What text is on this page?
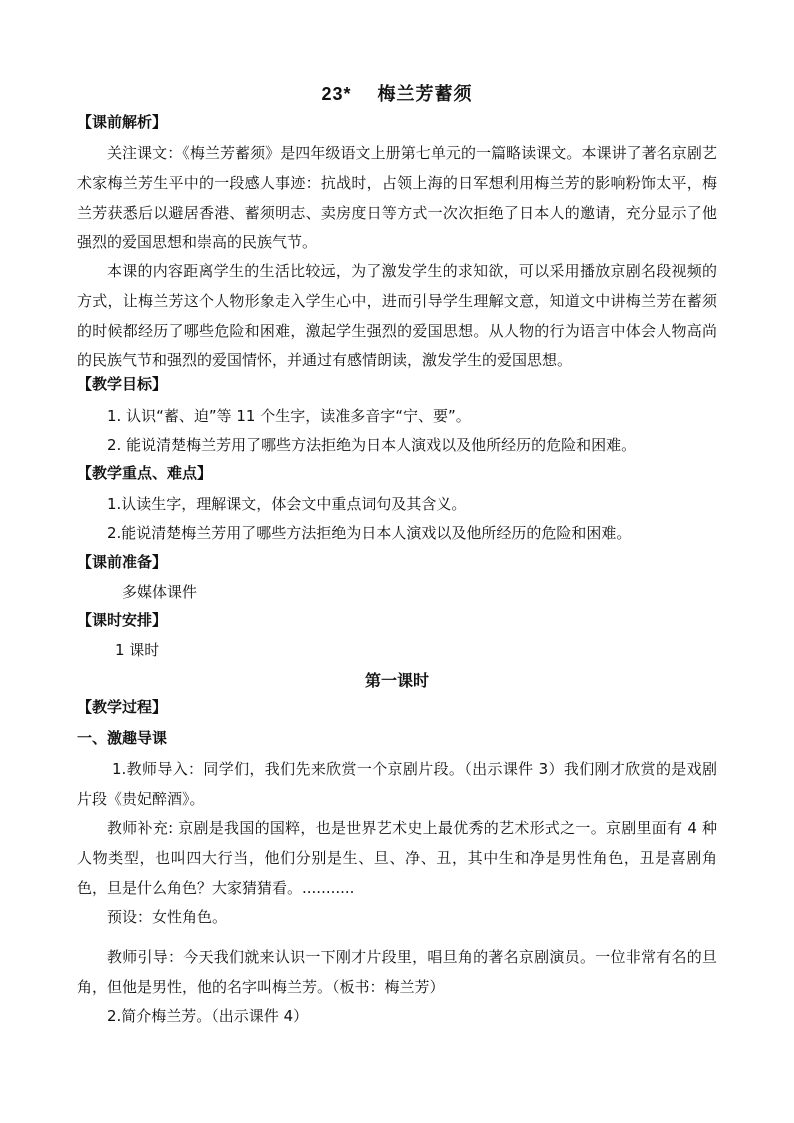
23* 梅兰芳蓄须
【课前解析】
关注课文：《梅兰芳蓄须》是四年级语文上册第七单元的一篇略读课文。本课讲了著名京剧艺术家梅兰芳生平中的一段感人事迹：抗战时，占领上海的日军想利用梅兰芳的影响粉饰太平，梅兰芳获悉后以避居香港、蓄须明志、卖房度日等方式一次次拒绝了日本人的邀请，充分显示了他强烈的爱国思想和崇高的民族气节。
本课的内容距离学生的生活比较远，为了激发学生的求知欲，可以采用播放京剧名段视频的方式，让梅兰芳这个人物形象走入学生心中，进而引导学生理解文意，知道文中讲梅兰芳在蓄须的时候都经历了哪些危险和困难，激起学生强烈的爱国思想。从人物的行为语言中体会人物高尚的民族气节和强烈的爱国情怀，并通过有感情朗读，激发学生的爱国思想。
【教学目标】
1. 认识“蓄、迫”等 11 个生字，读准多音字“宁、要”。
2. 能说清楚梅兰芳用了哪些方法拒绝为日本人演戏以及他所经历的危险和困难。
【教学重点、难点】
1.认读生字，理解课文，体会文中重点词句及其含义。
2.能说清楚梅兰芳用了哪些方法拒绝为日本人演戏以及他所经历的危险和困难。
【课前准备】
多媒体课件
【课时安排】
1 课时
第一课时
【教学过程】
一、激趣导课
1.教师导入：同学们，我们先来欣赏一个京剧片段。（出示课件 3）我们刚才欣赏的是戏剧片段《贵妃醉酒》。
教师补充: 京剧是我国的国粹，也是世界艺术史上最优秀的艺术形式之一。京剧里面有 4 种人物类型，也叫四大行当，他们分别是生、旦、净、丑，其中生和净是男性角色，丑是喜剧角色，旦是什么角色？大家猜猜看。...........
预设：女性角色。
教师引导：今天我们就来认识一下刚才片段里，唱旦角的著名京剧演员。一位非常有名的旦角，但他是男性，他的名字叫梅兰芳。（板书：梅兰芳）
2.简介梅兰芳。（出示课件 4）
